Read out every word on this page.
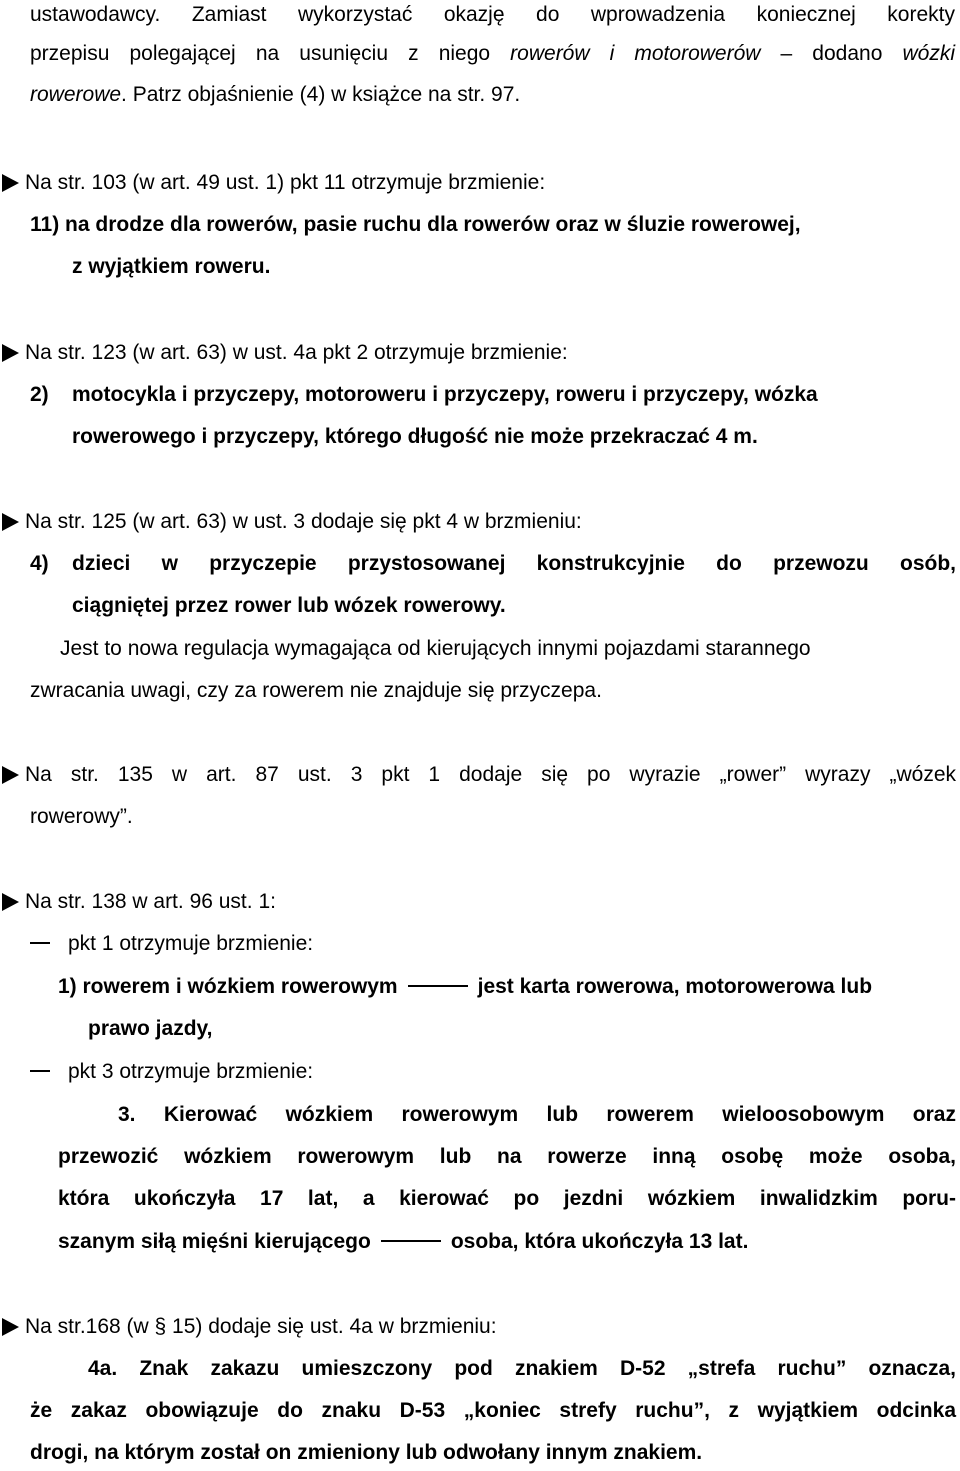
ustawodawcy. Zamiast wykorzystać okazję do wprowadzenia koniecznej korekty
przepisu polegającej na usunięciu z niego rowerów i motorowerów – dodano wózki
rowerowe. Patrz objaśnienie (4) w książce na str. 97.
Na str. 103 (w art. 49 ust. 1) pkt 11 otrzymuje brzmienie:
11) na drodze dla rowerów, pasie ruchu dla rowerów oraz w śluzie rowerowej,
z wyjątkiem roweru.
Na str. 123 (w art. 63) w ust. 4a pkt 2 otrzymuje brzmienie:
2) motocykla i przyczepy, motoroweru i przyczepy, roweru i przyczepy, wózka
rowerowego i przyczepy, którego długość nie może przekraczać 4 m.
Na str. 125 (w art. 63) w ust. 3 dodaje się pkt 4 w brzmieniu:
4) dzieci w przyczepie przystosowanej konstrukcyjnie do przewozu osób,
ciągniętej przez rower lub wózek rowerowy.
Jest to nowa regulacja wymagająca od kierujących innymi pojazdami starannego
zwracania uwagi, czy za rowerem nie znajduje się przyczepa.
Na str. 135 w art. 87 ust. 3 pkt 1 dodaje się po wyrazie „rower” wyrazy „wózek
rowerowy”.
Na str. 138 w art. 96 ust. 1:
pkt 1 otrzymuje brzmienie:
1) rowerem i wózkiem rowerowym	jest karta rowerowa, motorowerowa lub
prawo jazdy,
pkt 3 otrzymuje brzmienie:
3. Kierować wózkiem rowerowym lub rowerem wieloosobowym oraz
przewozić wózkiem rowerowym lub na rowerze inną osobę może osoba,
która ukończyła 17 lat, a kierować po jezdni wózkiem inwalidzkim poru-
szanym siłą mięśni kierującego	osoba, która ukończyła 13 lat.
Na str.168 (w § 15) dodaje się ust. 4a w brzmieniu:
4a. Znak zakazu umieszczony pod znakiem D-52 „strefa ruchu” oznacza,
że zakaz obowiązuje do znaku D-53 „koniec strefy ruchu”, z wyjątkiem odcinka
drogi, na którym został on zmieniony lub odwołany innym znakiem.
